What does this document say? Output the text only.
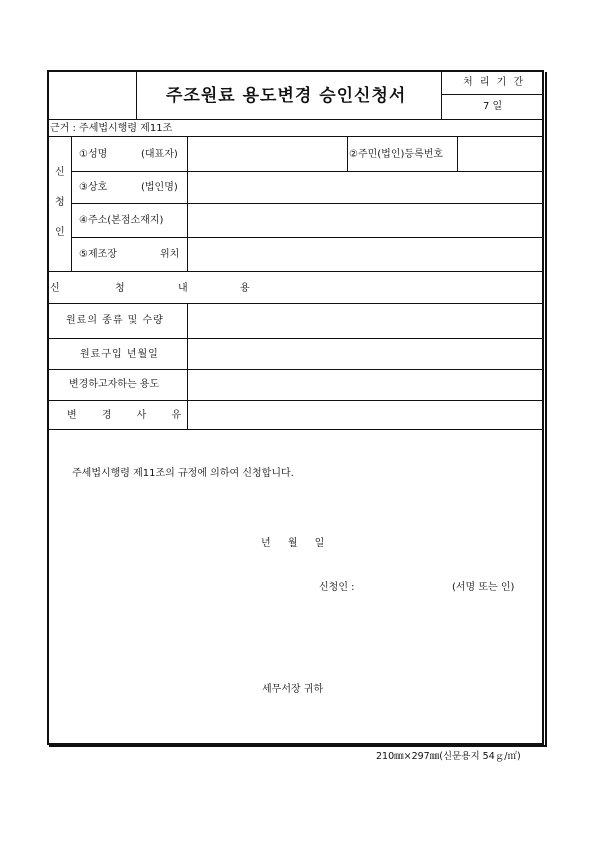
주조원료 용도변경 승인신청서
처 리 기 간
7 일
근거 : 주세법시행령 제11조
신
청
인
①성명	(대표자)	②주민(법인)등록번호
③상호	(법인명)
④주소(본점소재지)
⑤제조장	위치
신	청	내	용
원료의 종류 및 수량
원료구입 년월일
변경하고자하는 용도
변 경 사 유
주세법시행령 제11조의 규정에 의하여 신청합니다.
년 월 일
신청인 :	(서명 또는 인)
세무서장 귀하
210㎜×297㎜(신문용지 54ｇ/㎡)
